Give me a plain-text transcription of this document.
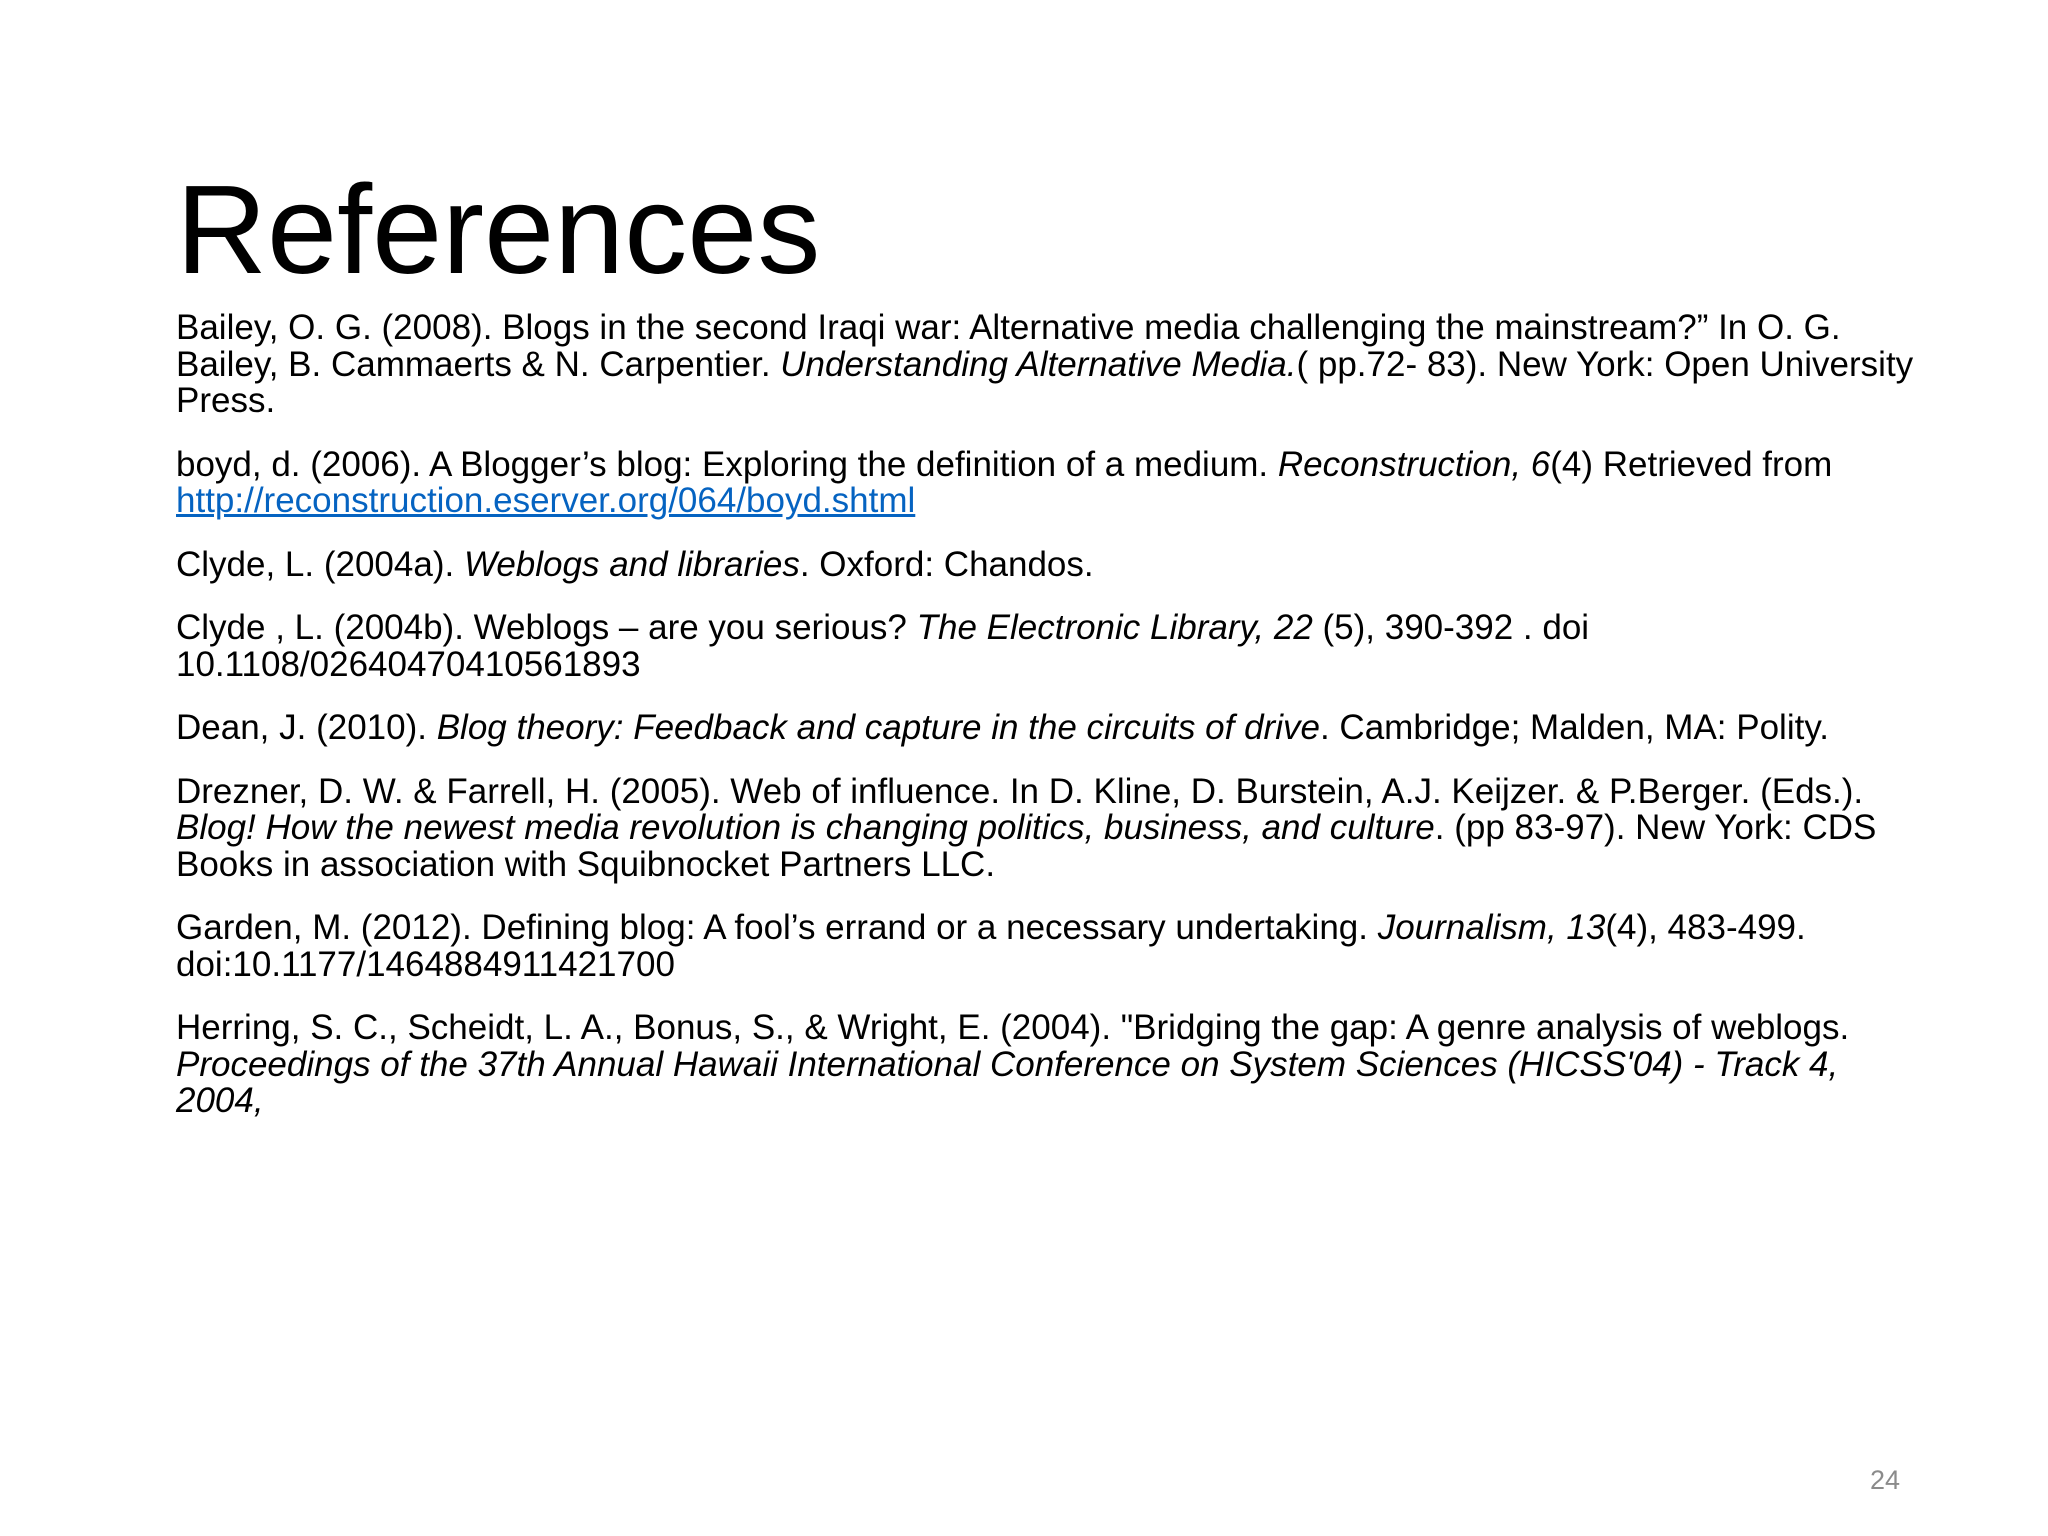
References
Bailey, O. G. (2008). Blogs in the second Iraqi war: Alternative media challenging the mainstream?” In O. G. Bailey, B. Cammaerts & N. Carpentier. Understanding Alternative Media.( pp.72- 83). New York: Open University Press.
boyd, d. (2006). A Blogger’s blog: Exploring the definition of a medium. Reconstruction, 6(4) Retrieved from http://reconstruction.eserver.org/064/boyd.shtml
Clyde, L. (2004a). Weblogs and libraries. Oxford: Chandos.
Clyde , L. (2004b). Weblogs – are you serious? The Electronic Library, 22 (5), 390-392 . doi 10.1108/02640470410561893
Dean, J. (2010). Blog theory: Feedback and capture in the circuits of drive. Cambridge; Malden, MA: Polity.
Drezner, D. W. & Farrell, H. (2005). Web of influence. In D. Kline, D. Burstein, A.J. Keijzer. & P.Berger. (Eds.). Blog! How the newest media revolution is changing politics, business, and culture. (pp 83-97). New York: CDS Books in association with Squibnocket Partners LLC.
Garden, M. (2012). Defining blog: A fool’s errand or a necessary undertaking. Journalism, 13(4), 483-499. doi:10.1177/1464884911421700
Herring, S. C., Scheidt, L. A., Bonus, S., & Wright, E. (2004). "Bridging the gap: A genre analysis of weblogs. Proceedings of the 37th Annual Hawaii International Conference on System Sciences (HICSS'04) - Track 4, 2004,
24
